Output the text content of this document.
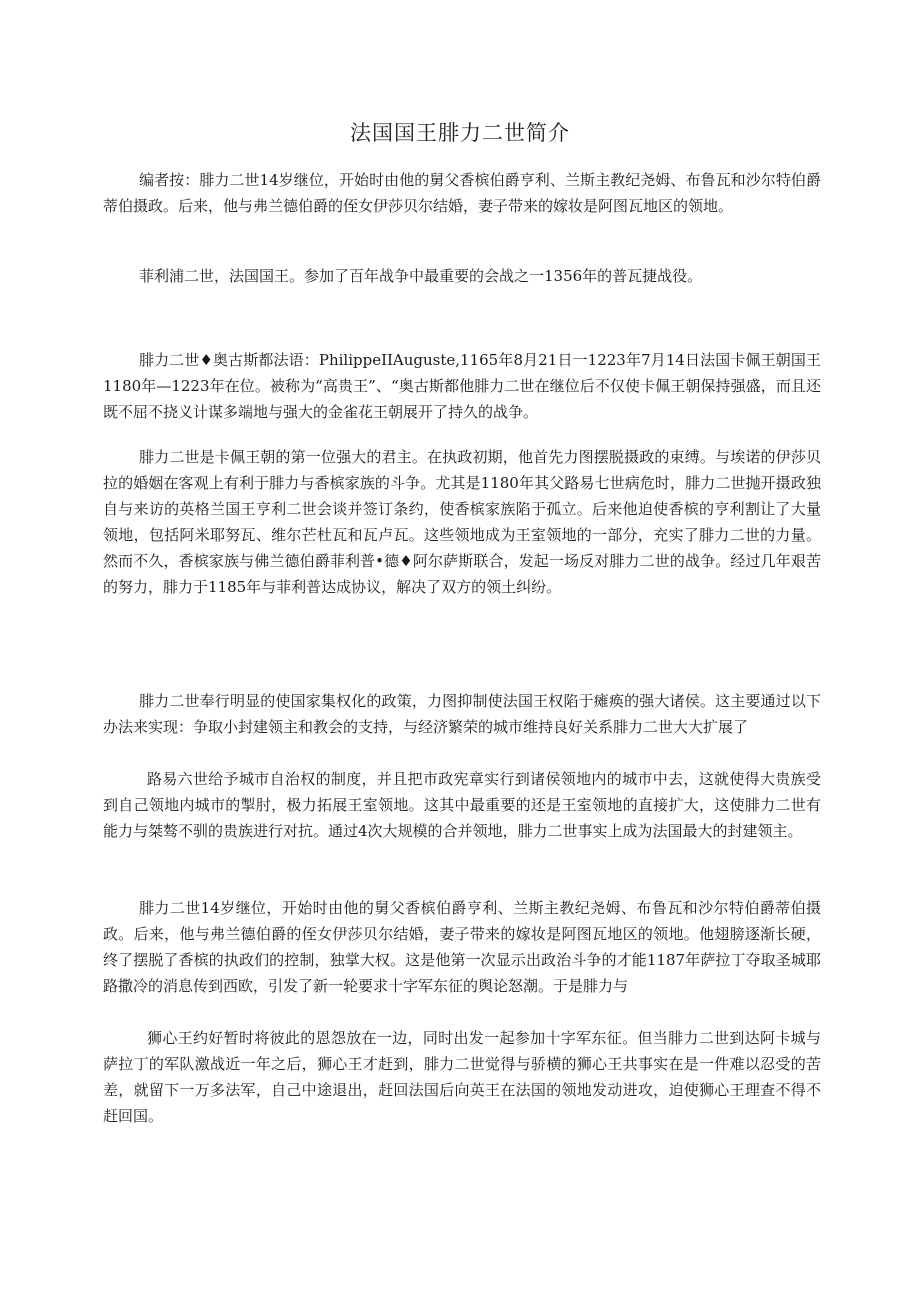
法国国王腓力二世简介

编者按：腓力二世14岁继位，开始时由他的舅父香槟伯爵亨利、兰斯主教纪尧姆、布鲁瓦和沙尔特伯爵蒂伯摄政。后来，他与弗兰德伯爵的侄女伊莎贝尔结婚，妻子带来的嫁妆是阿图瓦地区的领地。

菲利浦二世，法国国王。参加了百年战争中最重要的会战之一1356年的普瓦捷战役。

腓力二世♦奥古斯都法语：PhilippeIIAuguste,1165年8月21日一1223年7月14日法国卡佩王朝国王1180年—1223年在位。被称为“高贵王”、“奥古斯都他腓力二世在继位后不仅使卡佩王朝保持强盛，而且还既不屈不挠义计谋多端地与强大的金雀花王朝展开了持久的战争。

腓力二世是卡佩王朝的第一位强大的君主。在执政初期，他首先力图摆脱摄政的束缚。与埃诺的伊莎贝拉的婚姻在客观上有利于腓力与香槟家族的斗争。尤其是1180年其父路易七世病危时，腓力二世抛开摄政独自与来访的英格兰国王亨利二世会谈并签订条约，使香槟家族陷于孤立。后来他迫使香槟的亨利割让了大量领地，包括阿米耶努瓦、维尔芒杜瓦和瓦卢瓦。这些领地成为王室领地的一部分，充实了腓力二世的力量。然而不久，香槟家族与佛兰德伯爵菲利普•德♦阿尔萨斯联合，发起一场反对腓力二世的战争。经过几年艰苦的努力，腓力于1185年与菲利普达成协议，解决了双方的领土纠纷。

腓力二世奉行明显的使国家集权化的政策，力图抑制使法国王权陷于瘫痪的强大诸侯。这主要通过以下办法来实现：争取小封建领主和教会的支持，与经济繁荣的城市维持良好关系腓力二世大大扩展了

路易六世给予城市自治权的制度，并且把市政宪章实行到诸侯领地内的城市中去，这就使得大贵族受到自己领地内城市的掣肘，极力拓展王室领地。这其中最重要的还是王室领地的直接扩大，这使腓力二世有能力与桀骜不驯的贵族进行对抗。通过4次大规模的合并领地，腓力二世事实上成为法国最大的封建领主。

腓力二世14岁继位，开始时由他的舅父香槟伯爵亨利、兰斯主教纪尧姆、布鲁瓦和沙尔特伯爵蒂伯摄政。后来，他与弗兰德伯爵的侄女伊莎贝尔结婚，妻子带来的嫁妆是阿图瓦地区的领地。他翅膀逐渐长硬，终了摆脱了香槟的执政们的控制，独掌大权。这是他第一次显示出政治斗争的才能1187年萨拉丁夺取圣城耶路撒冷的消息传到西欧，引发了新一轮要求十字军东征的舆论怒潮。于是腓力与

狮心王约好暂时将彼此的恩怨放在一边，同时出发一起参加十字军东征。但当腓力二世到达阿卡城与萨拉丁的军队激战近一年之后，狮心王才赶到，腓力二世觉得与骄横的狮心王共事实在是一件难以忍受的苦差，就留下一万多法军，自己中途退出，赶回法国后向英王在法国的领地发动进攻，迫使狮心王理查不得不赶回国。
